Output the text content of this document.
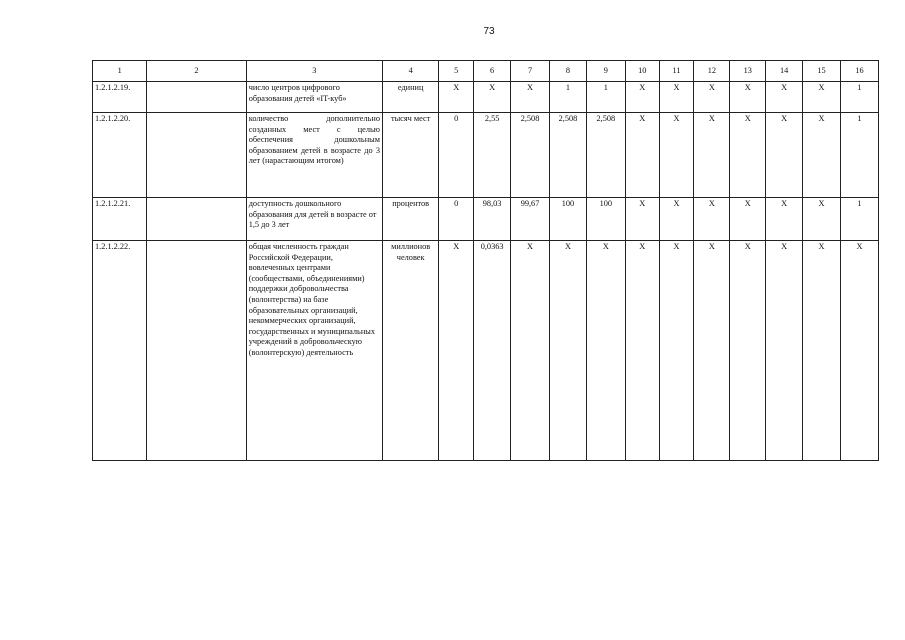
73
1	2	3	4	5	6	7	8	9	10	11	12	13	14	15	16
1.2.1.2.19.		число центров цифрового образования детей «IT-куб»	единиц	Х	Х	Х	1	1	Х	Х	Х	Х	Х	Х	1
1.2.1.2.20.		количество дополнительно созданных мест с целью обеспечения дошкольным образованием детей в возрасте до 3 лет (нарастающим итогом)	тысяч мест	0	2,55	2,508	2,508	2,508	Х	Х	Х	Х	Х	Х	1
1.2.1.2.21.		доступность дошкольного образования для детей в возрасте от 1,5 до 3 лет	процентов	0	98,03	99,67	100	100	Х	Х	Х	Х	Х	Х	1
1.2.1.2.22.		общая численность граждан Российской Федерации, вовлеченных центрами (сообществами, объединениями) поддержки добровольчества (волонтерства) на базе образовательных организаций, некоммерческих организаций, государственных и муниципальных учреждений в добровольческую (волонтерскую) деятельность	миллионов человек	Х	0,0363	Х	Х	Х	Х	Х	Х	Х	Х	Х	Х
